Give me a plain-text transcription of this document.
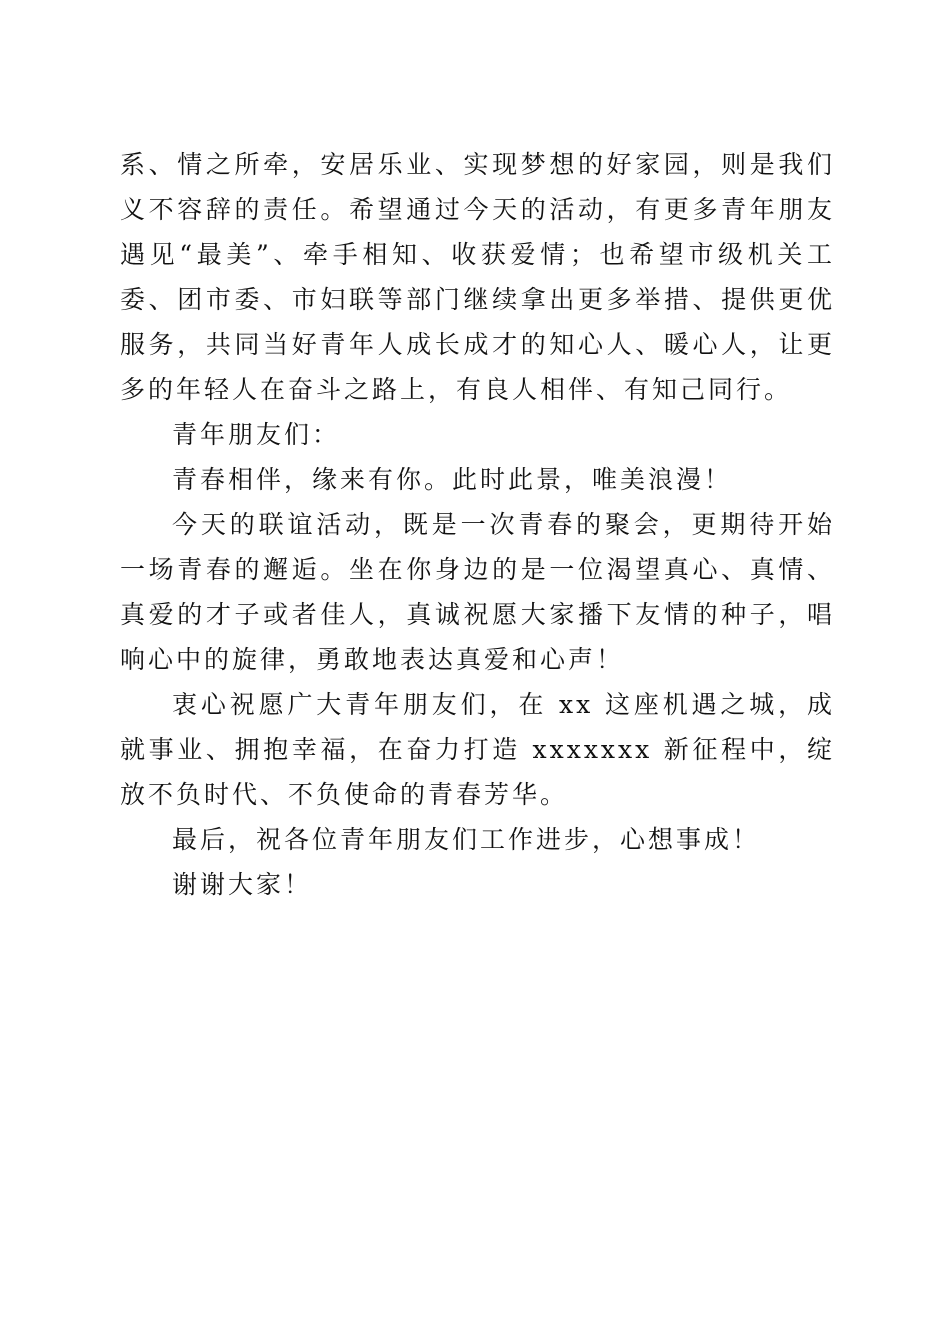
系、情之所牵，安居乐业、实现梦想的好家园，则是我们义不容辞的责任。希望通过今天的活动，有更多青年朋友遇见“最美”、牵手相知、收获爱情；也希望市级机关工委、团市委、市妇联等部门继续拿出更多举措、提供更优服务，共同当好青年人成长成才的知心人、暖心人，让更多的年轻人在奋斗之路上，有良人相伴、有知己同行。

青年朋友们：

青春相伴，缘来有你。此时此景，唯美浪漫！

今天的联谊活动，既是一次青春的聚会，更期待开始一场青春的邂逅。坐在你身边的是一位渴望真心、真情、真爱的才子或者佳人，真诚祝愿大家播下友情的种子，唱响心中的旋律，勇敢地表达真爱和心声！

衷心祝愿广大青年朋友们，在 xx 这座机遇之城，成就事业、拥抱幸福，在奋力打造 xxxxxxx 新征程中，绽放不负时代、不负使命的青春芳华。

最后，祝各位青年朋友们工作进步，心想事成！

谢谢大家！
